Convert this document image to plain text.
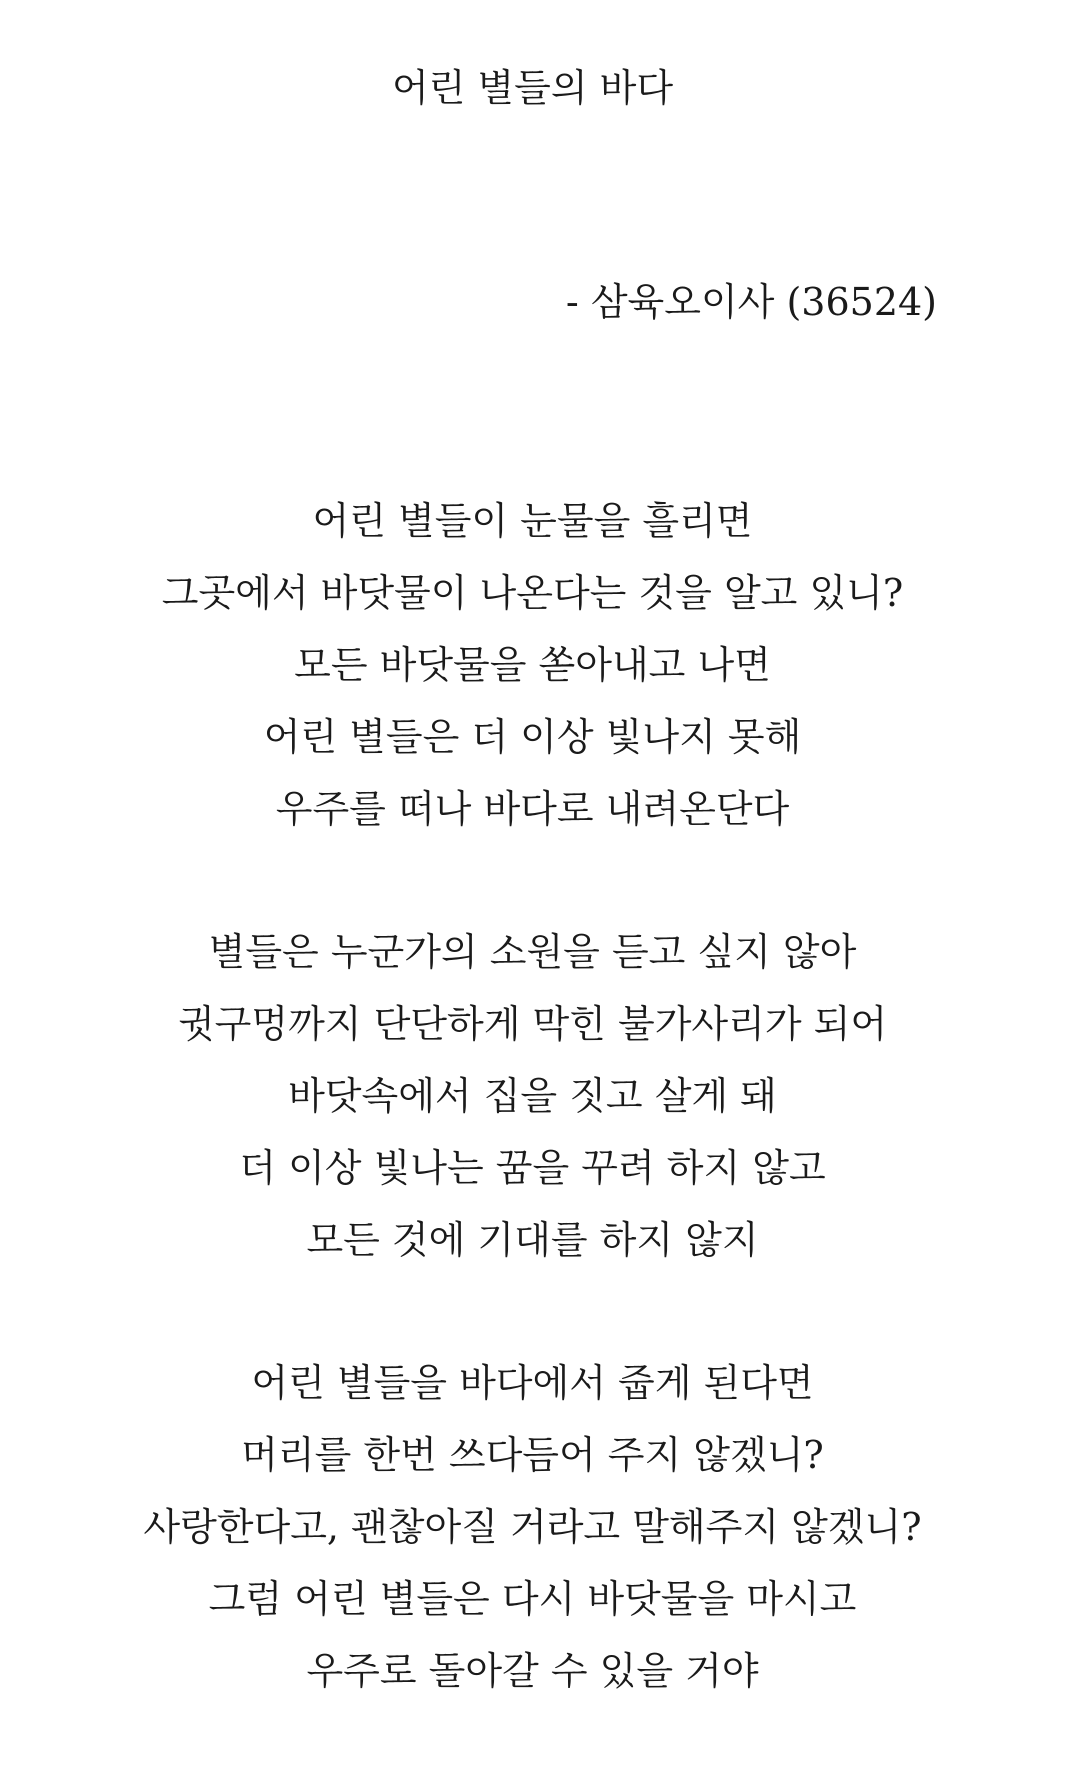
어린 별들의 바다
- 삼육오이사 (36524)
어린 별들이 눈물을 흘리면
그곳에서 바닷물이 나온다는 것을 알고 있니?
모든 바닷물을 쏟아내고 나면
어린 별들은 더 이상 빛나지 못해
우주를 떠나 바다로 내려온단다
별들은 누군가의 소원을 듣고 싶지 않아
귓구멍까지 단단하게 막힌 불가사리가 되어
바닷속에서 집을 짓고 살게 돼
더 이상 빛나는 꿈을 꾸려 하지 않고
모든 것에 기대를 하지 않지
어린 별들을 바다에서 줍게 된다면
머리를 한번 쓰다듬어 주지 않겠니?
사랑한다고, 괜찮아질 거라고 말해주지 않겠니?
그럼 어린 별들은 다시 바닷물을 마시고
우주로 돌아갈 수 있을 거야
